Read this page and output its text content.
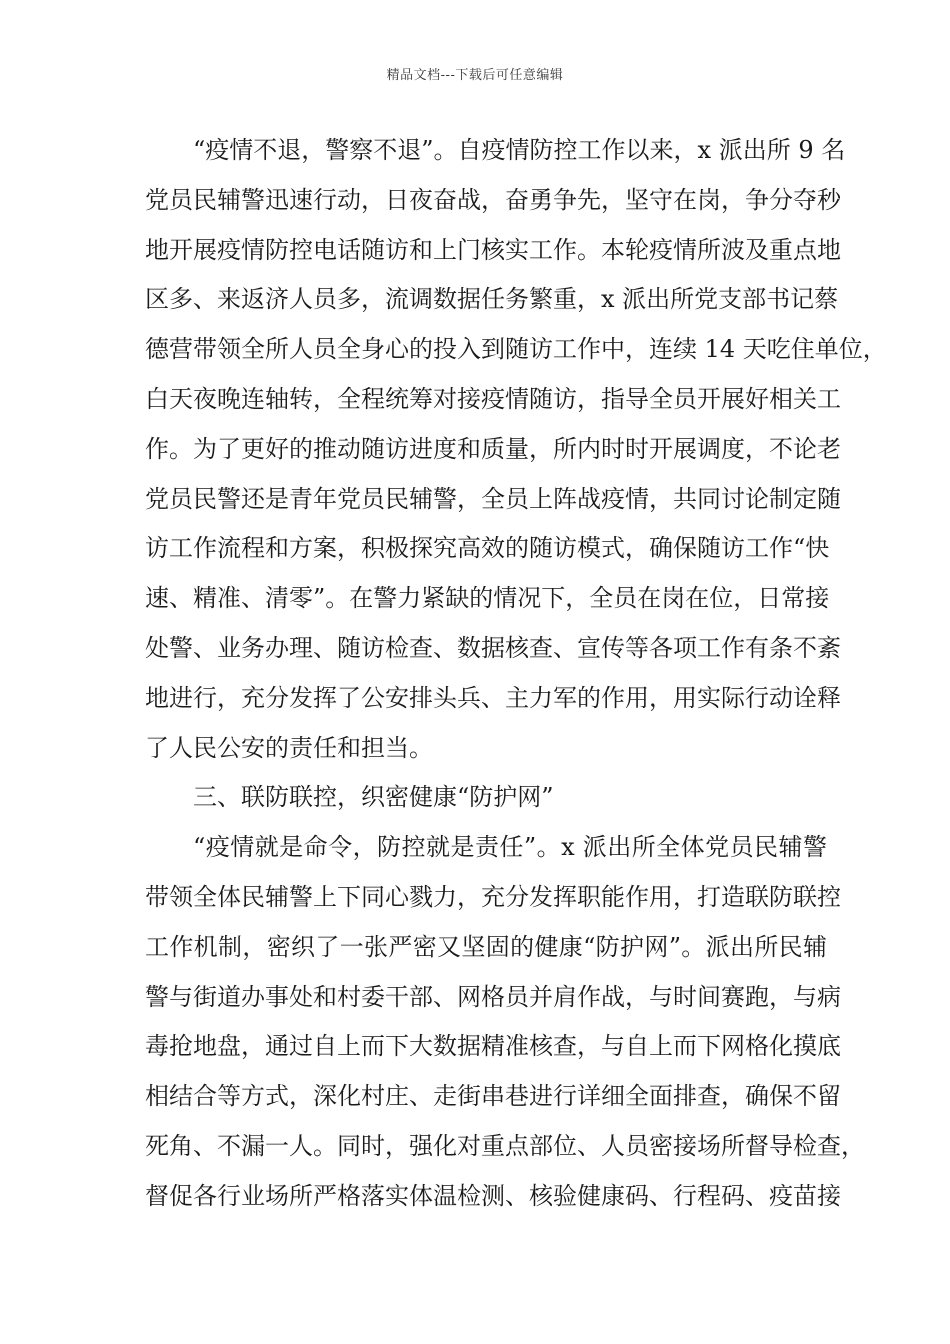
精品文档---下载后可任意编辑
“疫情不退，警察不退”。自疫情防控工作以来，x 派出所 9 名
党员民辅警迅速行动，日夜奋战，奋勇争先，坚守在岗，争分夺秒
地开展疫情防控电话随访和上门核实工作。本轮疫情所波及重点地
区多、来返济人员多，流调数据任务繁重，x 派出所党支部书记蔡
德营带领全所人员全身心的投入到随访工作中，连续 14 天吃住单位，
白天夜晚连轴转，全程统筹对接疫情随访，指导全员开展好相关工
作。为了更好的推动随访进度和质量，所内时时开展调度，不论老
党员民警还是青年党员民辅警，全员上阵战疫情，共同讨论制定随
访工作流程和方案，积极探究高效的随访模式，确保随访工作“快
速、精准、清零”。在警力紧缺的情况下，全员在岗在位，日常接
处警、业务办理、随访检查、数据核查、宣传等各项工作有条不紊
地进行，充分发挥了公安排头兵、主力军的作用，用实际行动诠释
了人民公安的责任和担当。
三、联防联控，织密健康“防护网”
“疫情就是命令，防控就是责任”。x 派出所全体党员民辅警
带领全体民辅警上下同心戮力，充分发挥职能作用，打造联防联控
工作机制，密织了一张严密又坚固的健康“防护网”。派出所民辅
警与街道办事处和村委干部、网格员并肩作战，与时间赛跑，与病
毒抢地盘，通过自上而下大数据精准核查，与自上而下网格化摸底
相结合等方式，深化村庄、走街串巷进行详细全面排查，确保不留
死角、不漏一人。同时，强化对重点部位、人员密接场所督导检查，
督促各行业场所严格落实体温检测、核验健康码、行程码、疫苗接
